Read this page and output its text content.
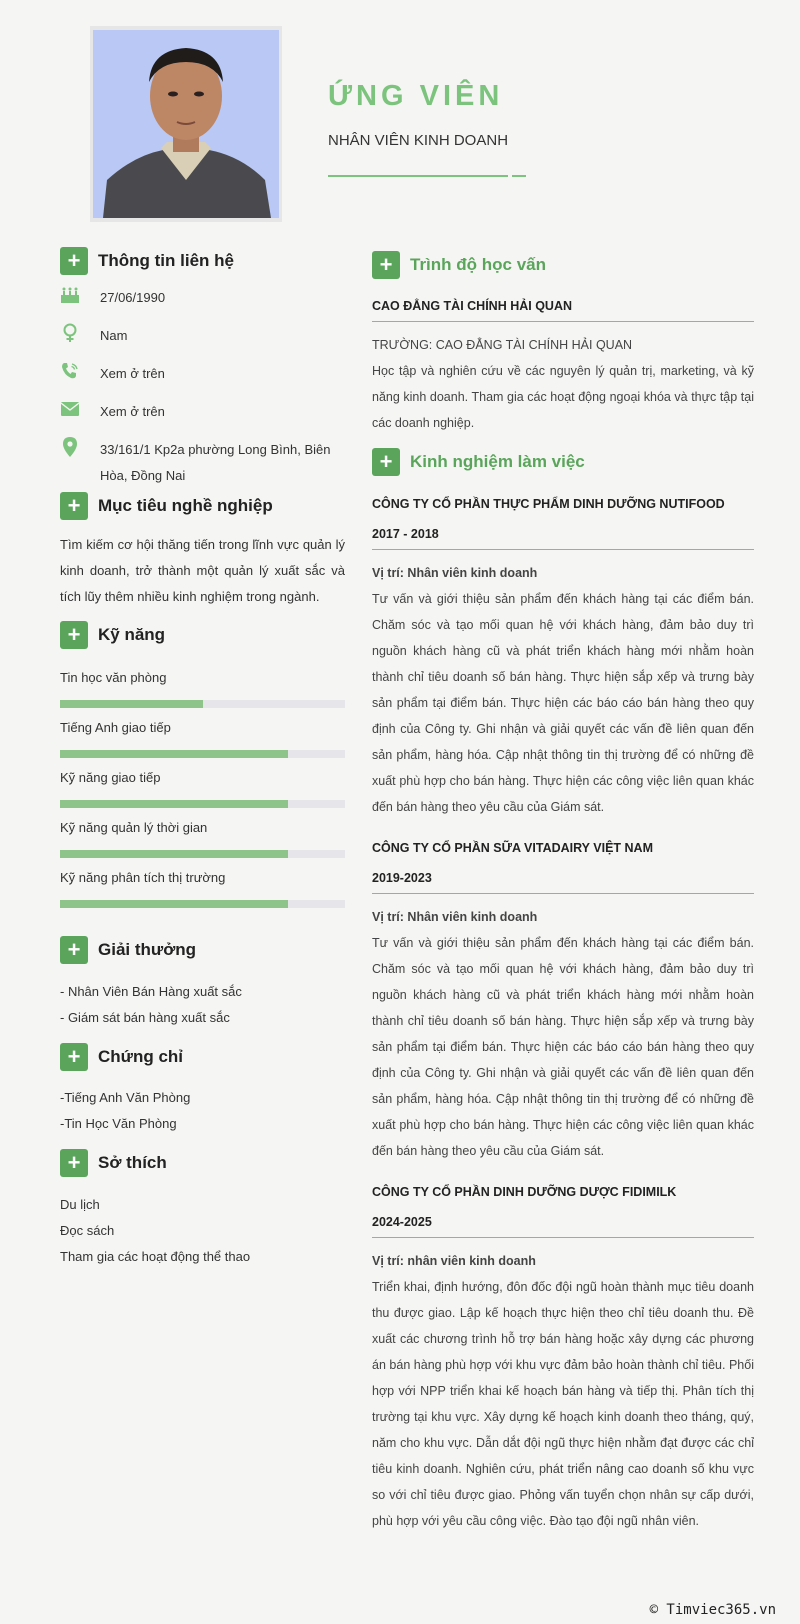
ỨNG VIÊN
NHÂN VIÊN KINH DOANH
+	Thông tin liên hệ
27/06/1990
Nam
Xem ở trên
Xem ở trên
33/161/1 Kp2a phường Long Bình, Biên Hòa, Đồng Nai
+	Mục tiêu nghề nghiệp
Tìm kiếm cơ hội thăng tiến trong lĩnh vực quản lý kinh doanh, trở thành một quản lý xuất sắc và tích lũy thêm nhiều kinh nghiệm trong ngành.
+	Kỹ năng
Tin học văn phòng
Tiếng Anh giao tiếp
Kỹ năng giao tiếp
Kỹ năng quản lý thời gian
Kỹ năng phân tích thị trường
+	Giải thưởng
- Nhân Viên Bán Hàng xuất sắc
- Giám sát bán hàng xuất sắc
+	Chứng chỉ
-Tiếng Anh Văn Phòng
-Tin Học Văn Phòng
+	Sở thích
Du lịch
Đọc sách
Tham gia các hoạt động thể thao
+	Trình độ học vấn
CAO ĐẲNG TÀI CHÍNH HẢI QUAN
TRƯỜNG: CAO ĐẲNG TÀI CHÍNH HẢI QUAN
Học tập và nghiên cứu về các nguyên lý quản trị, marketing, và kỹ năng kinh doanh. Tham gia các hoạt động ngoại khóa và thực tập tại các doanh nghiệp.
+	Kinh nghiệm làm việc
CÔNG TY CỔ PHẦN THỰC PHẨM DINH DƯỠNG NUTIFOOD
2017 - 2018
Vị trí: Nhân viên kinh doanh
Tư vấn và giới thiệu sản phẩm đến khách hàng tại các điểm bán. Chăm sóc và tạo mối quan hệ với khách hàng, đảm bảo duy trì nguồn khách hàng cũ và phát triển khách hàng mới nhằm hoàn thành chỉ tiêu doanh số bán hàng. Thực hiện sắp xếp và trưng bày sản phẩm tại điểm bán. Thực hiện các báo cáo bán hàng theo quy định của Công ty. Ghi nhận và giải quyết các vấn đề liên quan đến sản phẩm, hàng hóa. Cập nhật thông tin thị trường để có những đề xuất phù hợp cho bán hàng. Thực hiện các công việc liên quan khác đến bán hàng theo yêu cầu của Giám sát.
CÔNG TY CỔ PHẦN SỮA VITADAIRY VIỆT NAM
2019-2023
Vị trí: Nhân viên kinh doanh
Tư vấn và giới thiệu sản phẩm đến khách hàng tại các điểm bán. Chăm sóc và tạo mối quan hệ với khách hàng, đảm bảo duy trì nguồn khách hàng cũ và phát triển khách hàng mới nhằm hoàn thành chỉ tiêu doanh số bán hàng. Thực hiện sắp xếp và trưng bày sản phẩm tại điểm bán. Thực hiện các báo cáo bán hàng theo quy định của Công ty. Ghi nhận và giải quyết các vấn đề liên quan đến sản phẩm, hàng hóa. Cập nhật thông tin thị trường để có những đề xuất phù hợp cho bán hàng. Thực hiện các công việc liên quan khác đến bán hàng theo yêu cầu của Giám sát.
CÔNG TY CỔ PHẦN DINH DƯỠNG DƯỢC FIDIMILK
2024-2025
Vị trí: nhân viên kinh doanh
Triển khai, định hướng, đôn đốc đội ngũ hoàn thành mục tiêu doanh thu được giao. Lập kế hoạch thực hiện theo chỉ tiêu doanh thu. Đề xuất các chương trình hỗ trợ bán hàng hoặc xây dựng các phương án bán hàng phù hợp với khu vực đảm bảo hoàn thành chỉ tiêu. Phối hợp với NPP triển khai kế hoạch bán hàng và tiếp thị. Phân tích thị trường tại khu vực. Xây dựng kế hoạch kinh doanh theo tháng, quý, năm cho khu vực. Dẫn dắt đội ngũ thực hiện nhằm đạt được các chỉ tiêu kinh doanh. Nghiên cứu, phát triển nâng cao doanh số khu vực so với chỉ tiêu được giao. Phỏng vấn tuyển chọn nhân sự cấp dưới, phù hợp với yêu cầu công việc. Đào tạo đội ngũ nhân viên.
© Timviec365.vn
